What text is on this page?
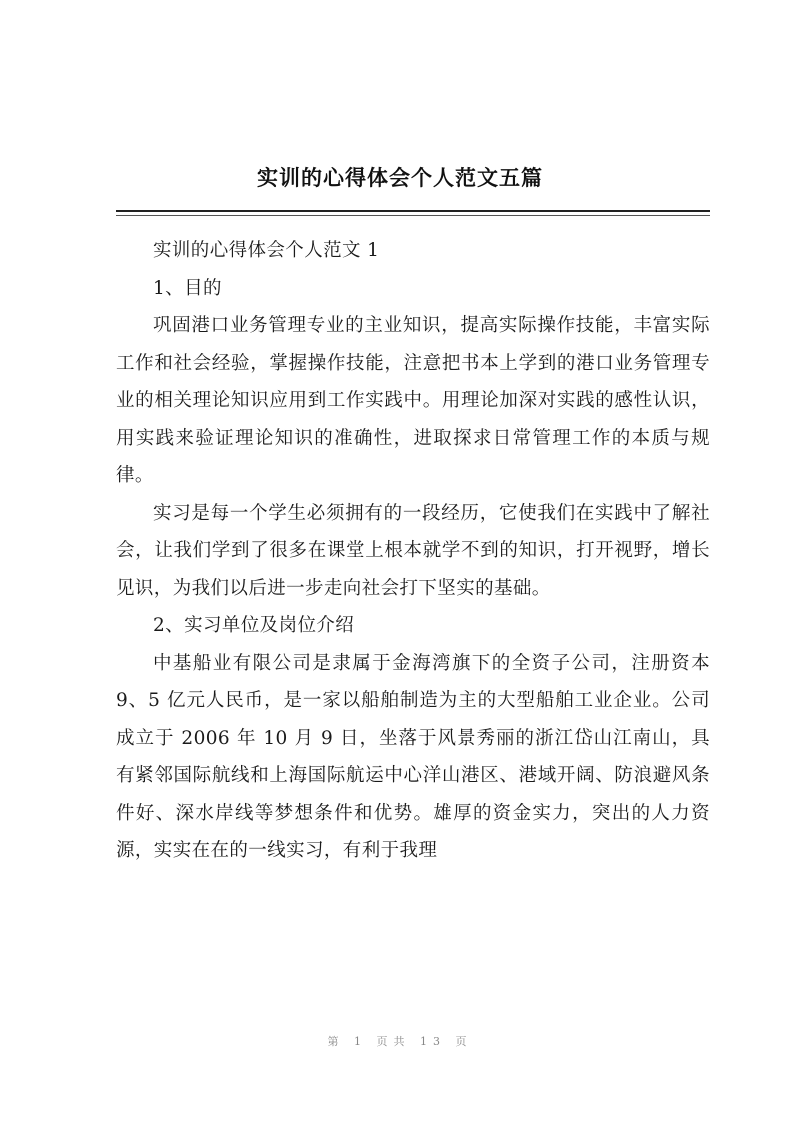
实训的心得体会个人范文五篇

实训的心得体会个人范文 1

1、目的

巩固港口业务管理专业的主业知识，提高实际操作技能，丰富实际工作和社会经验，掌握操作技能，注意把书本上学到的港口业务管理专业的相关理论知识应用到工作实践中。用理论加深对实践的感性认识，用实践来验证理论知识的准确性，进取探求日常管理工作的本质与规律。

实习是每一个学生必须拥有的一段经历，它使我们在实践中了解社会，让我们学到了很多在课堂上根本就学不到的知识，打开视野，增长见识，为我们以后进一步走向社会打下坚实的基础。

2、实习单位及岗位介绍

中基船业有限公司是隶属于金海湾旗下的全资子公司，注册资本 9、5 亿元人民币，是一家以船舶制造为主的大型船舶工业企业。公司成立于 2006 年 10 月 9 日，坐落于风景秀丽的浙江岱山江南山，具有紧邻国际航线和上海国际航运中心洋山港区、港域开阔、防浪避风条件好、深水岸线等梦想条件和优势。雄厚的资金实力，突出的人力资源，实实在在的一线实习，有利于我理

第 1 页共 13 页
